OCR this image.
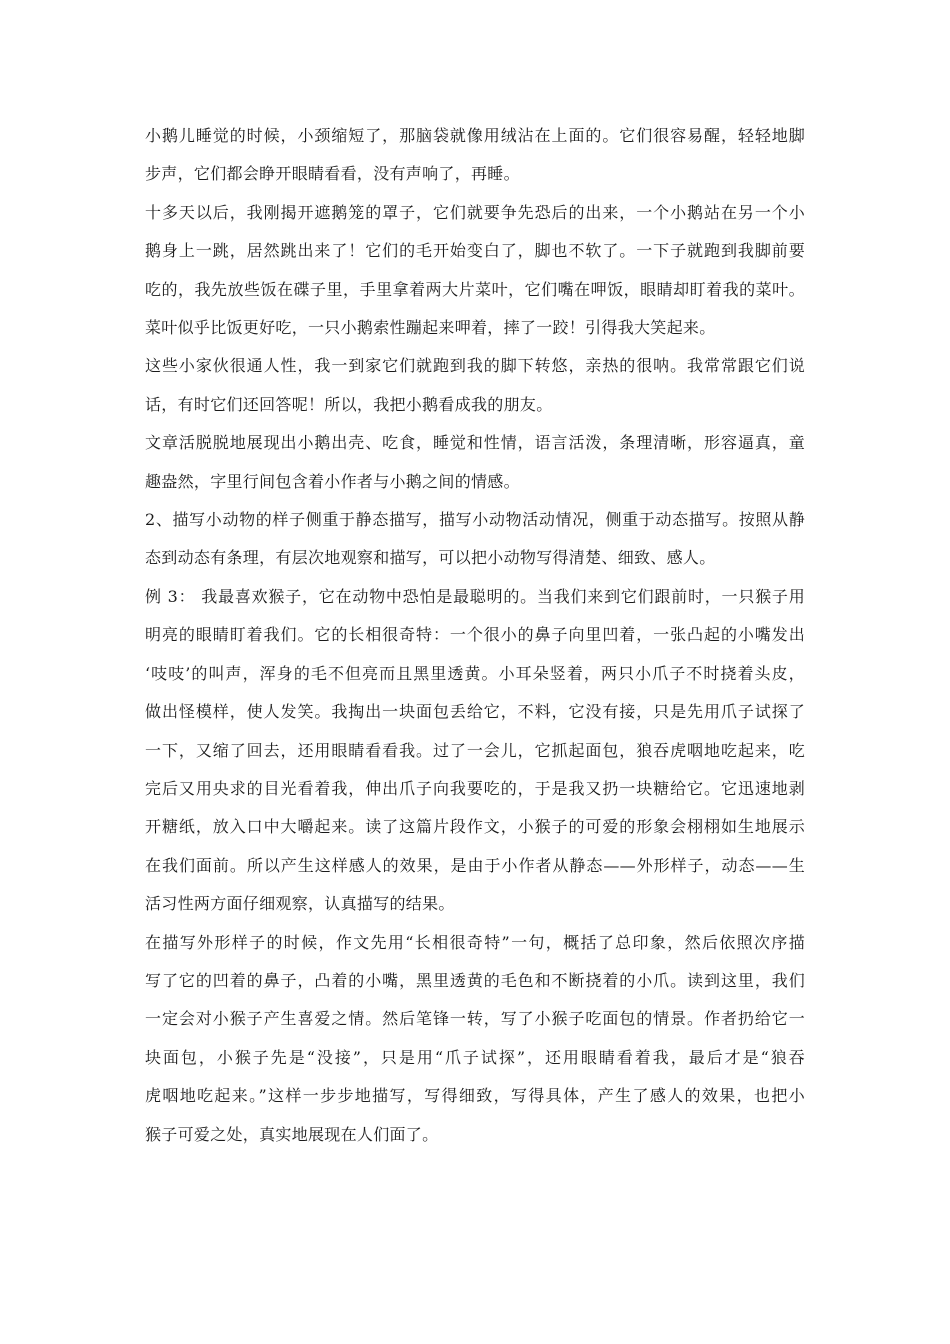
小鹅儿睡觉的时候，小颈缩短了，那脑袋就像用绒沾在上面的。它们很容易醒，轻轻地脚
步声，它们都会睁开眼睛看看，没有声响了，再睡。
十多天以后，我刚揭开遮鹅笼的罩子，它们就要争先恐后的出来，一个小鹅站在另一个小
鹅身上一跳，居然跳出来了！它们的毛开始变白了，脚也不软了。一下子就跑到我脚前要
吃的，我先放些饭在碟子里，手里拿着两大片菜叶，它们嘴在呷饭，眼睛却盯着我的菜叶。
菜叶似乎比饭更好吃，一只小鹅索性蹦起来呷着，摔了一跤！引得我大笑起来。
这些小家伙很通人性，我一到家它们就跑到我的脚下转悠，亲热的很呐。我常常跟它们说
话，有时它们还回答呢！所以，我把小鹅看成我的朋友。
文章活脱脱地展现出小鹅出壳、吃食，睡觉和性情，语言活泼，条理清晰，形容逼真，童
趣盎然，字里行间包含着小作者与小鹅之间的情感。
2、描写小动物的样子侧重于静态描写，描写小动物活动情况，侧重于动态描写。按照从静
态到动态有条理，有层次地观察和描写，可以把小动物写得清楚、细致、感人。
例 3： 我最喜欢猴子，它在动物中恐怕是最聪明的。当我们来到它们跟前时，一只猴子用
明亮的眼睛盯着我们。它的长相很奇特：一个很小的鼻子向里凹着，一张凸起的小嘴发出
‘吱吱’的叫声，浑身的毛不但亮而且黑里透黄。小耳朵竖着，两只小爪子不时挠着头皮，
做出怪模样，使人发笑。我掏出一块面包丢给它，不料，它没有接，只是先用爪子试探了
一下，又缩了回去，还用眼睛看看我。过了一会儿，它抓起面包，狼吞虎咽地吃起来，吃
完后又用央求的目光看着我，伸出爪子向我要吃的，于是我又扔一块糖给它。它迅速地剥
开糖纸，放入口中大嚼起来。读了这篇片段作文，小猴子的可爱的形象会栩栩如生地展示
在我们面前。所以产生这样感人的效果，是由于小作者从静态——外形样子，动态——生
活习性两方面仔细观察，认真描写的结果。
在描写外形样子的时候，作文先用“长相很奇特”一句，概括了总印象，然后依照次序描
写了它的凹着的鼻子，凸着的小嘴，黑里透黄的毛色和不断挠着的小爪。读到这里，我们
一定会对小猴子产生喜爱之情。然后笔锋一转，写了小猴子吃面包的情景。作者扔给它一
块面包，小猴子先是“没接”，只是用“爪子试探”，还用眼睛看着我，最后才是“狼吞
虎咽地吃起来。”这样一步步地描写，写得细致，写得具体，产生了感人的效果，也把小
猴子可爱之处，真实地展现在人们面了。
